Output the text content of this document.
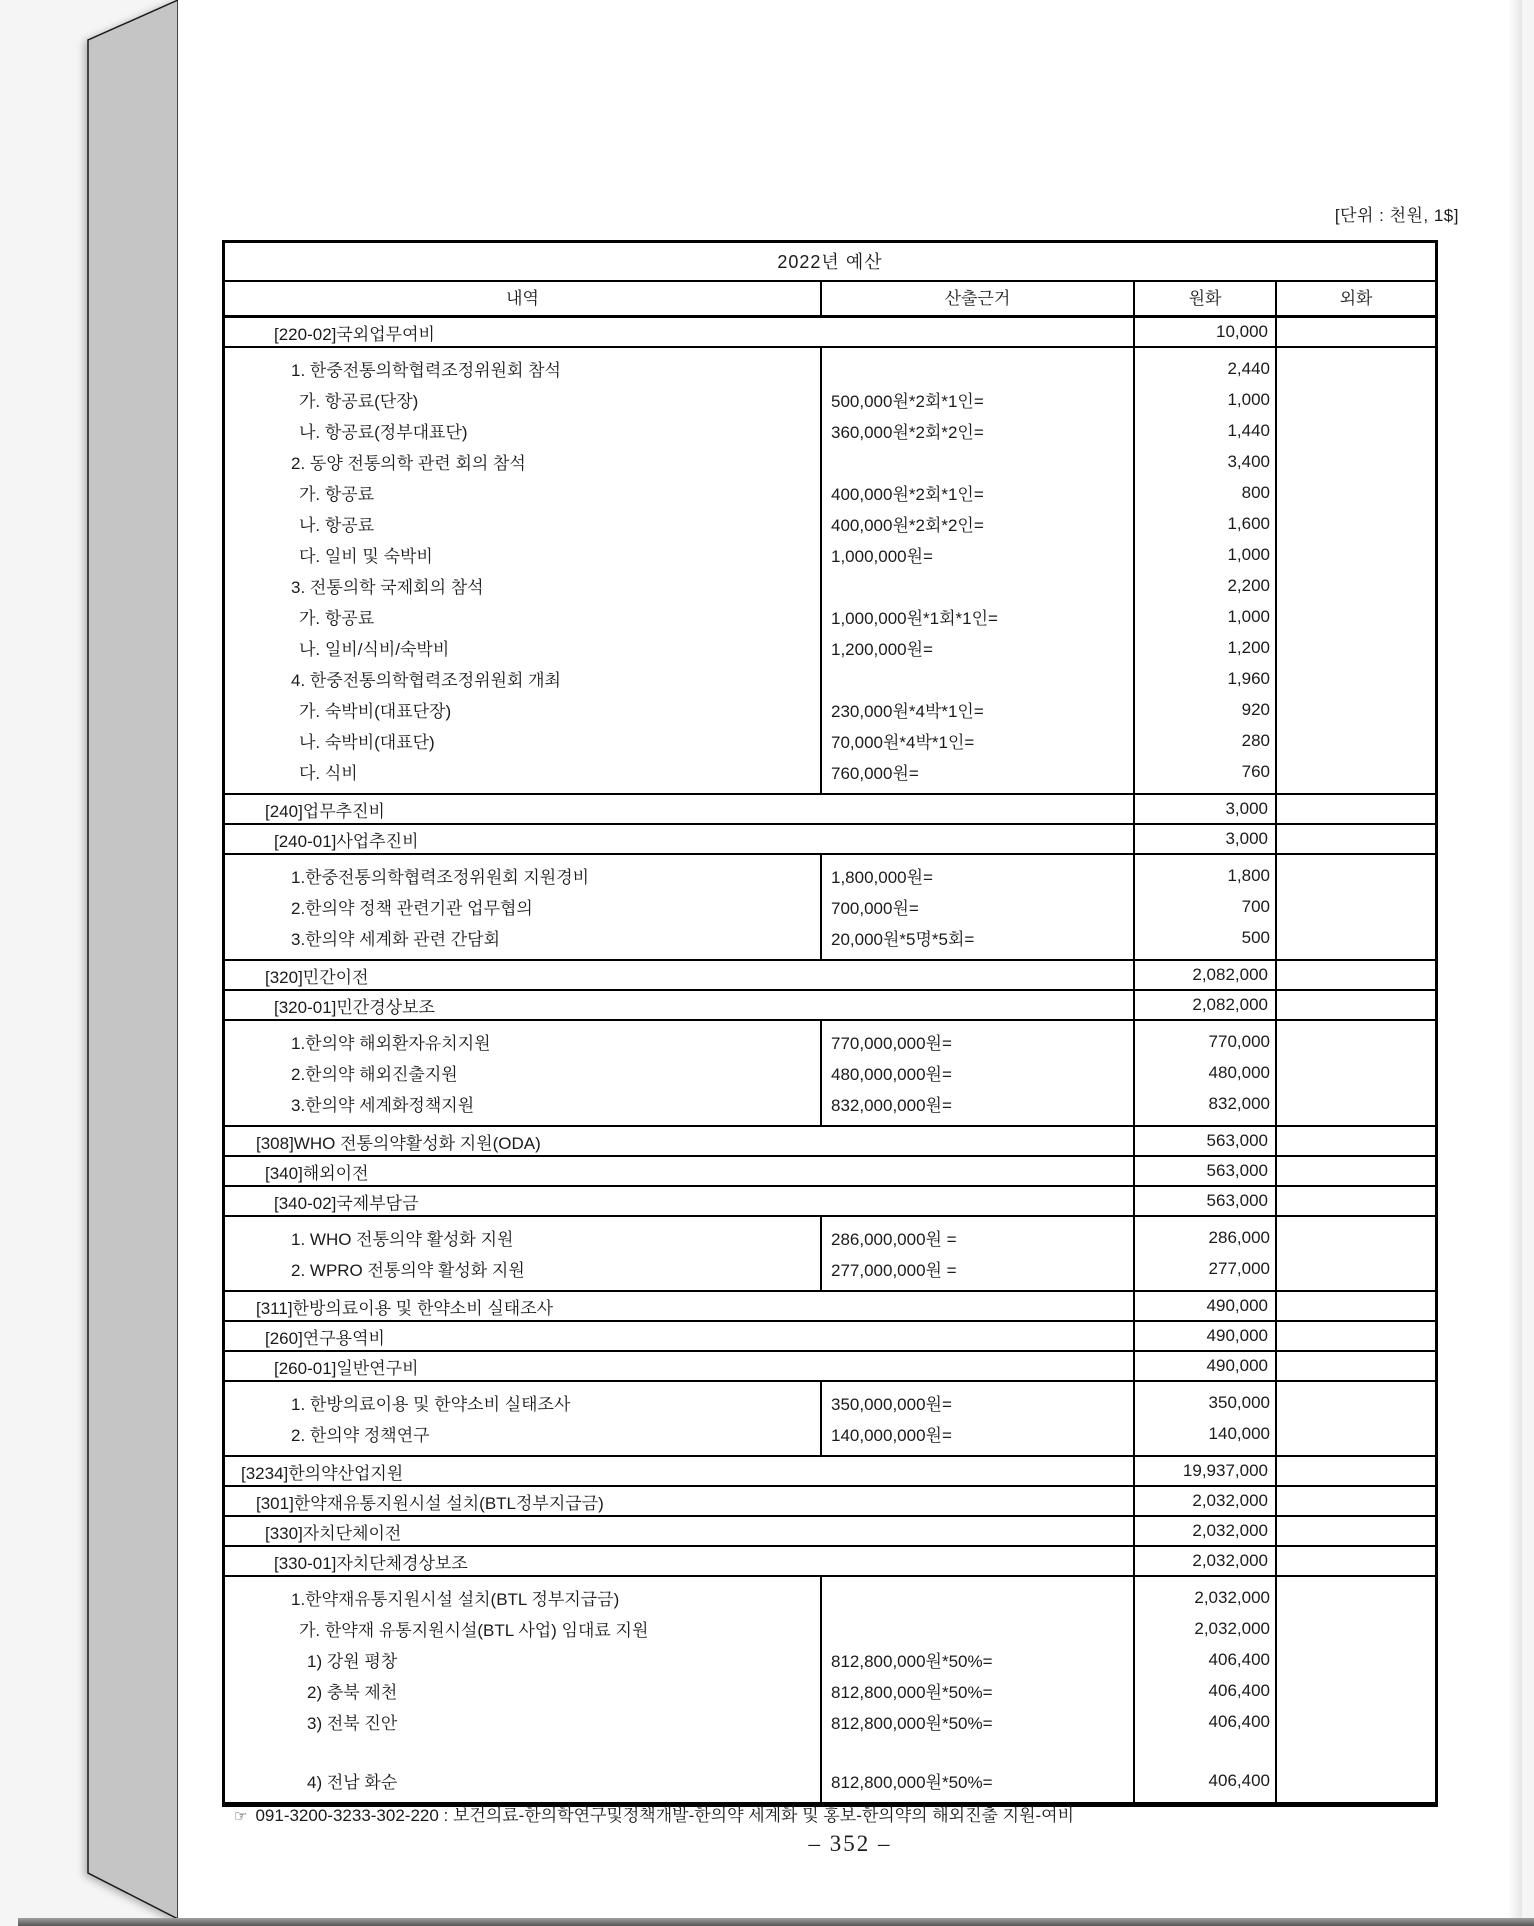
[단위 : 천원, 1$]
2022년 예산
내역	산출근거	원화	외화
[220-02]국외업무여비	10,000
1. 한중전통의학협력조정위원회 참석	2,440
가. 항공료(단장)	500,000원*2회*1인=	1,000
나. 항공료(정부대표단)	360,000원*2회*2인=	1,440
2. 동양 전통의학 관련 회의 참석	3,400
가. 항공료	400,000원*2회*1인=	800
나. 항공료	400,000원*2회*2인=	1,600
다. 일비 및 숙박비	1,000,000원=	1,000
3. 전통의학 국제회의 참석	2,200
가. 항공료	1,000,000원*1회*1인=	1,000
나. 일비/식비/숙박비	1,200,000원=	1,200
4. 한중전통의학협력조정위원회 개최	1,960
가. 숙박비(대표단장)	230,000원*4박*1인=	920
나. 숙박비(대표단)	70,000원*4박*1인=	280
다. 식비	760,000원=	760
[240]업무추진비	3,000
[240-01]사업추진비	3,000
1.한중전통의학협력조정위원회 지원경비	1,800,000원=	1,800
2.한의약 정책 관련기관 업무협의	700,000원=	700
3.한의약 세계화 관련 간담회	20,000원*5명*5회=	500
[320]민간이전	2,082,000
[320-01]민간경상보조	2,082,000
1.한의약 해외환자유치지원	770,000,000원=	770,000
2.한의약 해외진출지원	480,000,000원=	480,000
3.한의약 세계화정책지원	832,000,000원=	832,000
[308]WHO 전통의약활성화 지원(ODA)	563,000
[340]해외이전	563,000
[340-02]국제부담금	563,000
1. WHO 전통의약 활성화 지원	286,000,000원 =	286,000
2. WPRO 전통의약 활성화 지원	277,000,000원 =	277,000
[311]한방의료이용 및 한약소비 실태조사	490,000
[260]연구용역비	490,000
[260-01]일반연구비	490,000
1. 한방의료이용 및 한약소비 실태조사	350,000,000원=	350,000
2. 한의약 정책연구	140,000,000원=	140,000
[3234]한의약산업지원	19,937,000
[301]한약재유통지원시설 설치(BTL정부지급금)	2,032,000
[330]자치단체이전	2,032,000
[330-01]자치단체경상보조	2,032,000
1.한약재유통지원시설 설치(BTL 정부지급금)	2,032,000
가. 한약재 유통지원시설(BTL 사업) 임대료 지원	2,032,000
1) 강원 평창	812,800,000원*50%=	406,400
2) 충북 제천	812,800,000원*50%=	406,400
3) 전북 진안	812,800,000원*50%=	406,400
4) 전남 화순	812,800,000원*50%=	406,400
☞ 091-3200-3233-302-220 : 보건의료-한의학연구및정책개발-한의약 세계화 및 홍보-한의약의 해외진출 지원-여비
– 352 –
